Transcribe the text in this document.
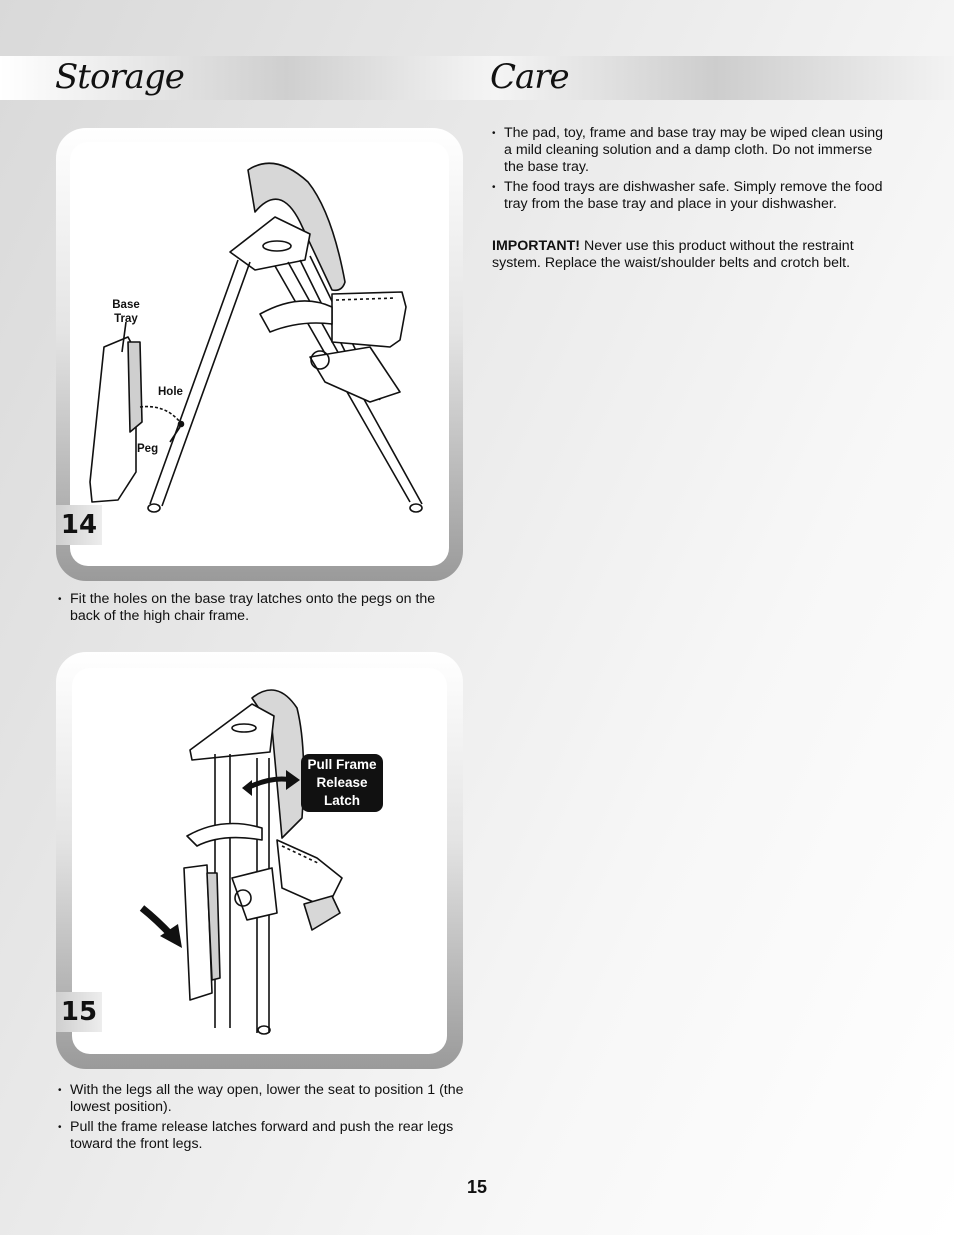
Storage	Care
Base
Tray
Hole
Peg
14
• Fit the holes on the base tray latches onto the pegs on the back of the high chair frame.
Pull Frame
Release Latch
15
• With the legs all the way open, lower the seat to position 1 (the lowest position).
• Pull the frame release latches forward and push the rear legs toward the front legs.
• The pad, toy, frame and base tray may be wiped clean using a mild cleaning solution and a damp cloth. Do not immerse the base tray.
• The food trays are dishwasher safe. Simply remove the food tray from the base tray and place in your dishwasher.

IMPORTANT! Never use this product without the restraint system. Replace the waist/shoulder belts and crotch belt.

15
